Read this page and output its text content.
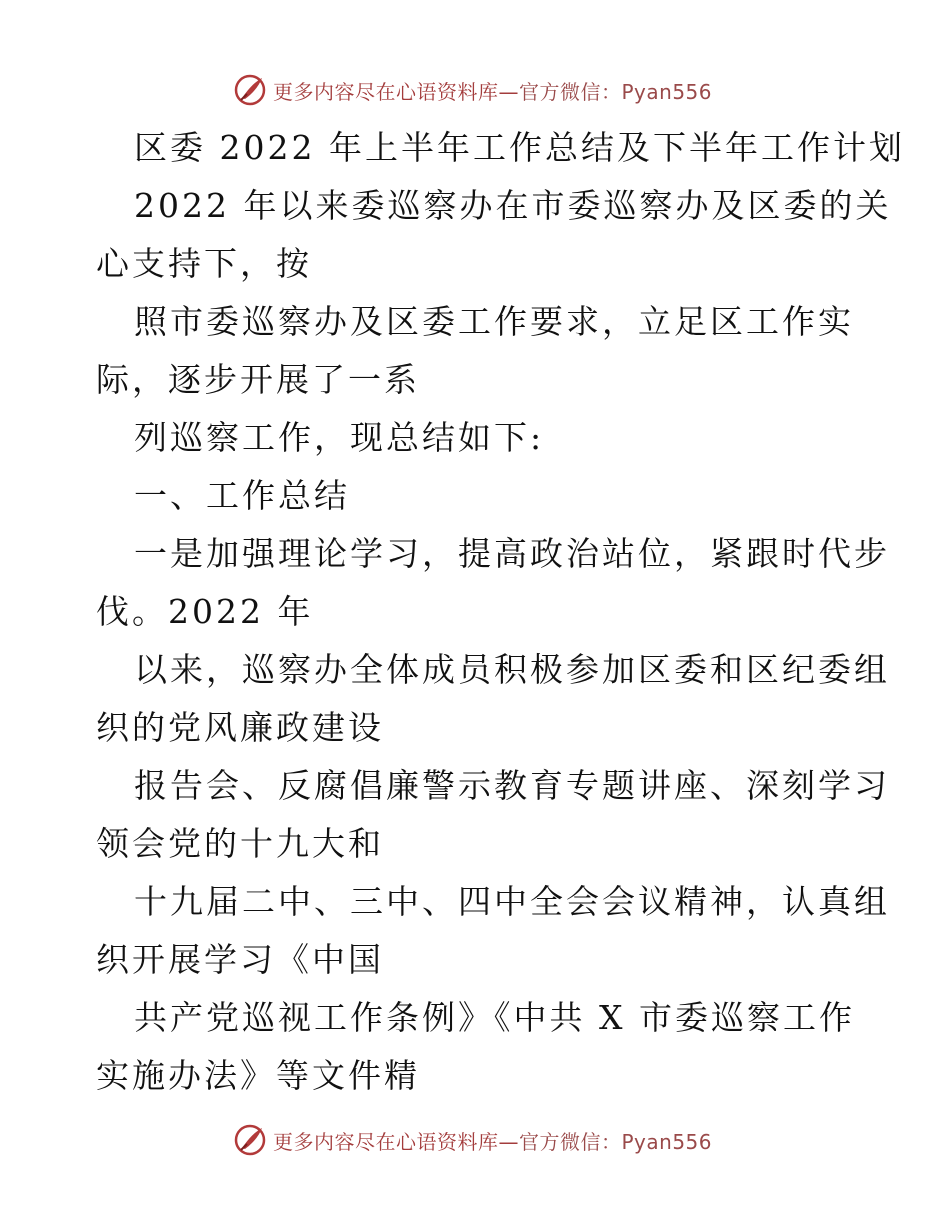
更多内容尽在心语资料库— 官方微信：Pyan556
区委 2022 年上半年工作总结及下半年工作计划
2022 年以来委巡察办在市委巡察办及区委的关
心支持下，按
照市委巡察办及区委工作要求，立足区工作实
际，逐步开展了一系
列巡察工作，现总结如下:
一、工作总结
一是加强理论学习，提高政治站位，紧跟时代步
伐。2022 年
以来，巡察办全体成员积极参加区委和区纪委组
织的党风廉政建设
报告会、反腐倡廉警示教育专题讲座、深刻学习
领会党的十九大和
十九届二中、三中、四中全会会议精神，认真组
织开展学习《中国
共产党巡视工作条例》《中共 X 市委巡察工作
实施办法》等文件精
更多内容尽在心语资料库— 官方微信：Pyan556
